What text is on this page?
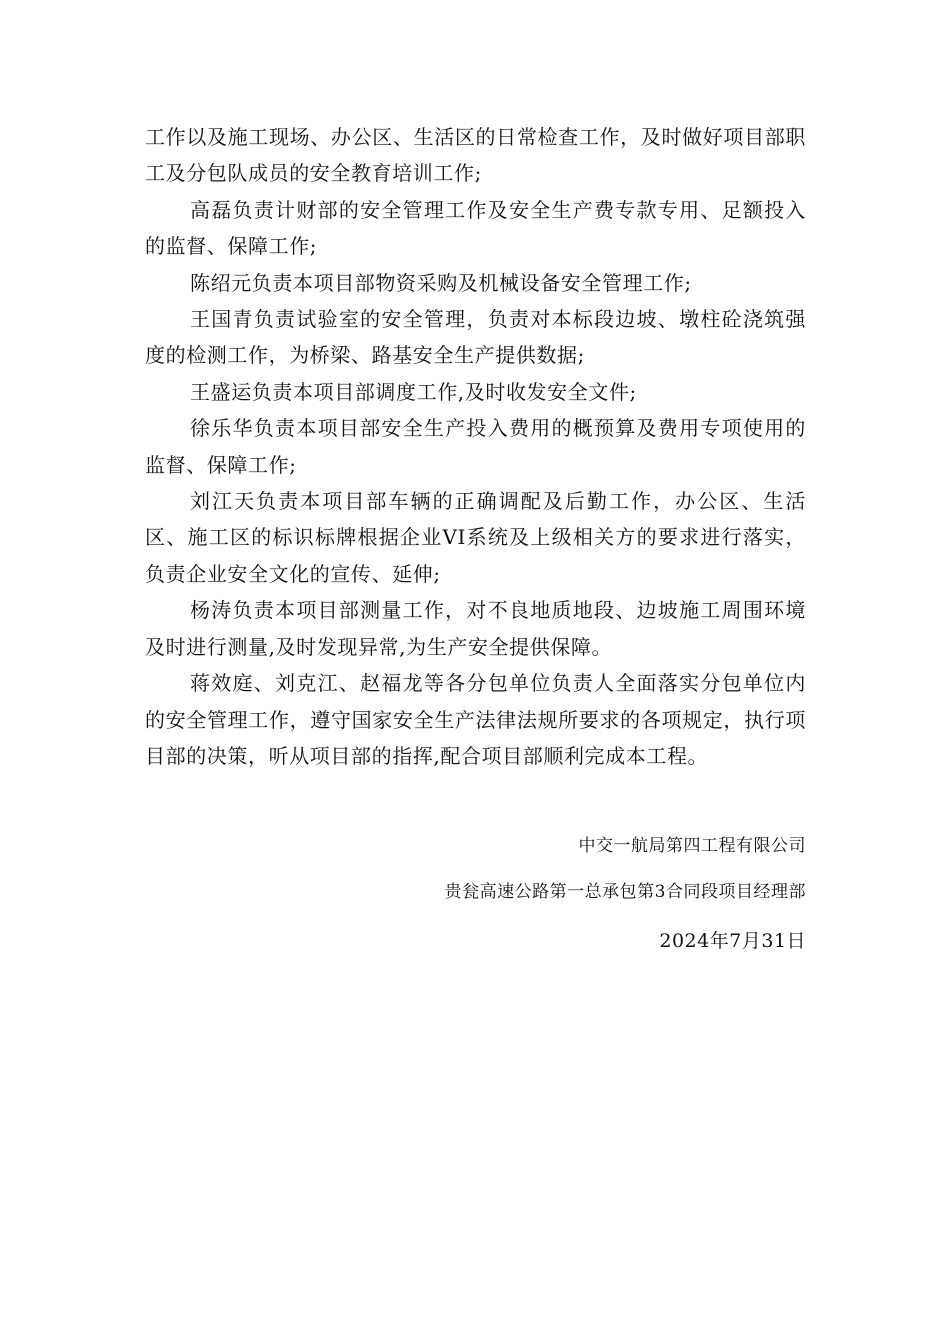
工作以及施工现场、办公区、生活区的日常检查工作，及时做好项目部职工及分包队成员的安全教育培训工作;

高磊负责计财部的安全管理工作及安全生产费专款专用、足额投入的监督、保障工作;

陈绍元负责本项目部物资采购及机械设备安全管理工作;

王国青负责试验室的安全管理，负责对本标段边坡、墩柱砼浇筑强度的检测工作，为桥梁、路基安全生产提供数据;

王盛运负责本项目部调度工作,及时收发安全文件;

徐乐华负责本项目部安全生产投入费用的概预算及费用专项使用的监督、保障工作;

刘江天负责本项目部车辆的正确调配及后勤工作，办公区、生活区、施工区的标识标牌根据企业VI系统及上级相关方的要求进行落实，负责企业安全文化的宣传、延伸;

杨涛负责本项目部测量工作，对不良地质地段、边坡施工周围环境及时进行测量,及时发现异常,为生产安全提供保障。

蒋效庭、刘克江、赵福龙等各分包单位负责人全面落实分包单位内的安全管理工作，遵守国家安全生产法律法规所要求的各项规定，执行项目部的决策，听从项目部的指挥,配合项目部顺利完成本工程。

中交一航局第四工程有限公司
贵瓮高速公路第一总承包第3合同段项目经理部
2024年7月31日
